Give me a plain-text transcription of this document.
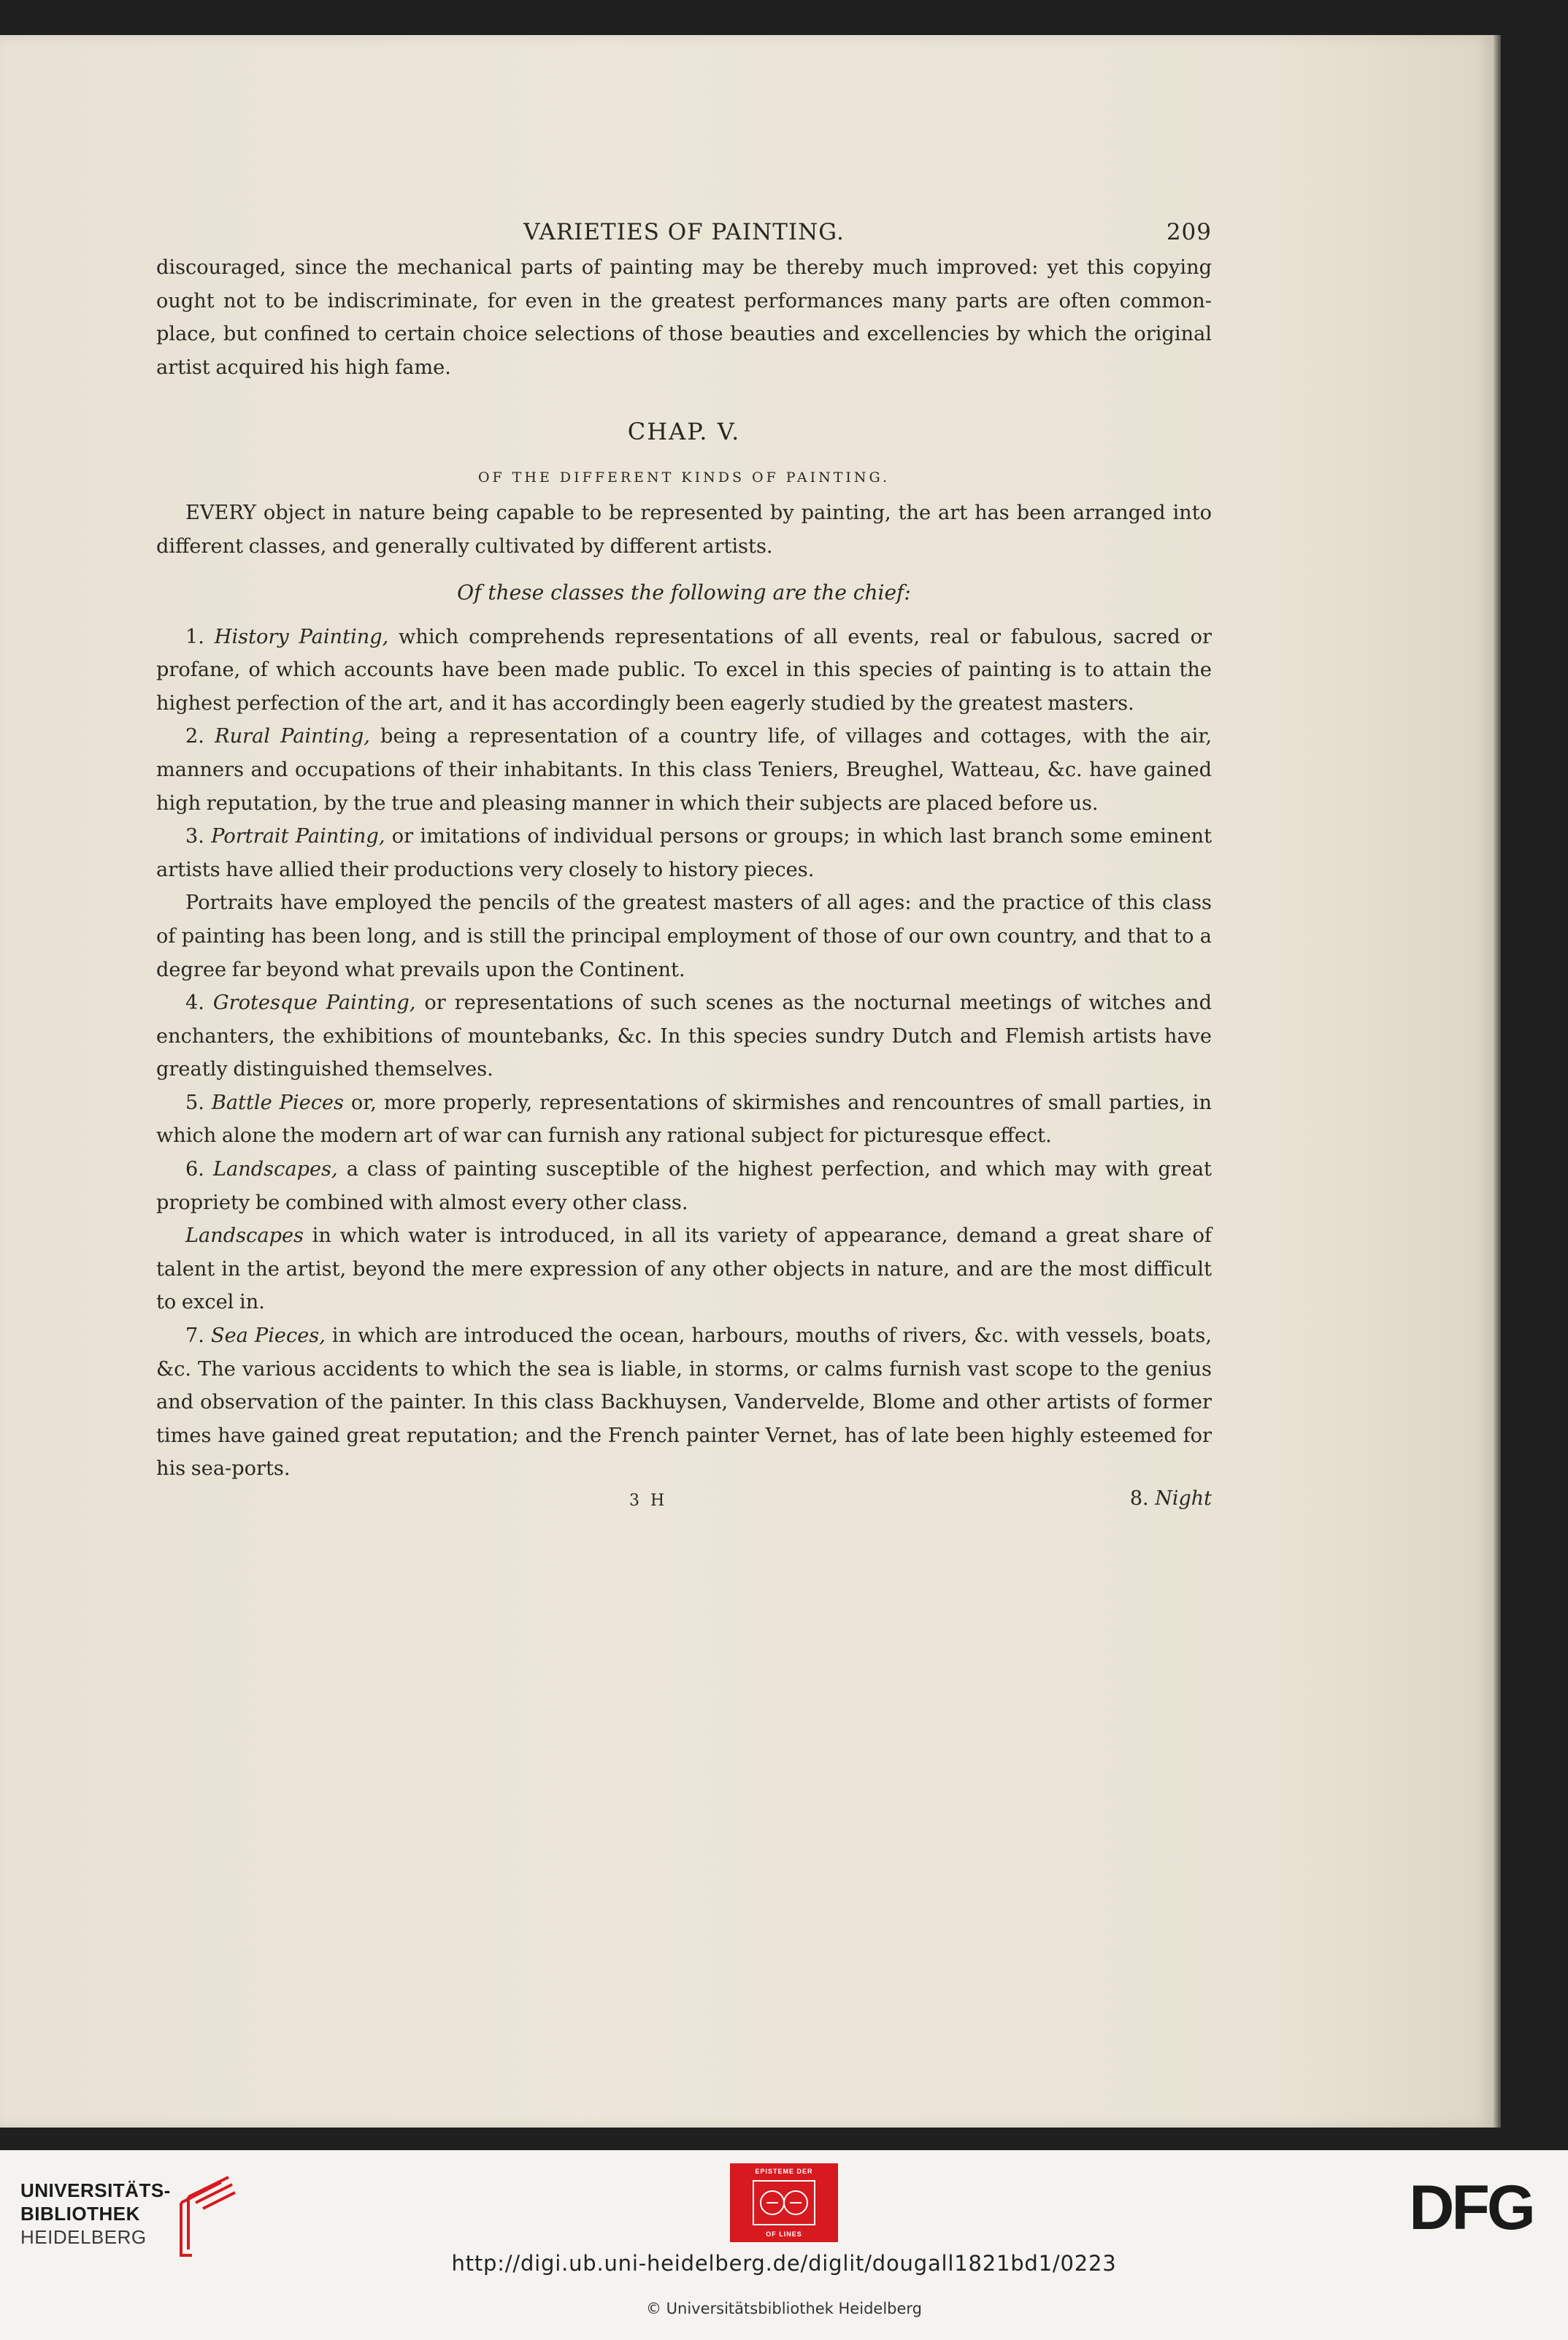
VARIETIES OF PAINTING.	209

discouraged, since the mechanical parts of painting may be thereby much improved: yet this copying ought not to be indiscriminate, for even in the greatest performances many parts are often common-place, but confined to certain choice selections of those beauties and excellencies by which the original artist acquired his high fame.

CHAP. V.
OF THE DIFFERENT KINDS OF PAINTING.

EVERY object in nature being capable to be represented by painting, the art has been arranged into different classes, and generally cultivated by different artists.

Of these classes the following are the chief:

1. History Painting, which comprehends representations of all events, real or fabulous, sacred or profane, of which accounts have been made public. To excel in this species of painting is to attain the highest perfection of the art, and it has accordingly been eagerly studied by the greatest masters.

2. Rural Painting, being a representation of a country life, of villages and cottages, with the air, manners and occupations of their inhabitants. In this class Teniers, Breughel, Watteau, &c. have gained high reputation, by the true and pleasing manner in which their subjects are placed before us.

3. Portrait Painting, or imitations of individual persons or groups; in which last branch some eminent artists have allied their productions very closely to history pieces.

Portraits have employed the pencils of the greatest masters of all ages: and the practice of this class of painting has been long, and is still the principal employment of those of our own country, and that to a degree far beyond what prevails upon the Continent.

4. Grotesque Painting, or representations of such scenes as the nocturnal meetings of witches and enchanters, the exhibitions of mountebanks, &c. In this species sundry Dutch and Flemish artists have greatly distinguished themselves.

5. Battle Pieces or, more properly, representations of skirmishes and rencountres of small parties, in which alone the modern art of war can furnish any rational subject for picturesque effect.

6. Landscapes, a class of painting susceptible of the highest perfection, and which may with great propriety be combined with almost every other class.

Landscapes in which water is introduced, in all its variety of appearance, demand a great share of talent in the artist, beyond the mere expression of any other objects in nature, and are the most difficult to excel in.

7. Sea Pieces, in which are introduced the ocean, harbours, mouths of rivers, &c. with vessels, boats, &c. The various accidents to which the sea is liable, in storms, or calms furnish vast scope to the genius and observation of the painter. In this class Backhuysen, Vandervelde, Blome and other artists of former times have gained great reputation; and the French painter Vernet, has of late been highly esteemed for his sea-ports.

3 H	8. Night
UNIVERSITÄTS-
BIBLIOTHEK
HEIDELBERG
EPISTEME DER
OF LINES	DFG
http://digi.ub.uni-heidelberg.de/diglit/dougall1821bd1/0223
© Universitätsbibliothek Heidelberg
